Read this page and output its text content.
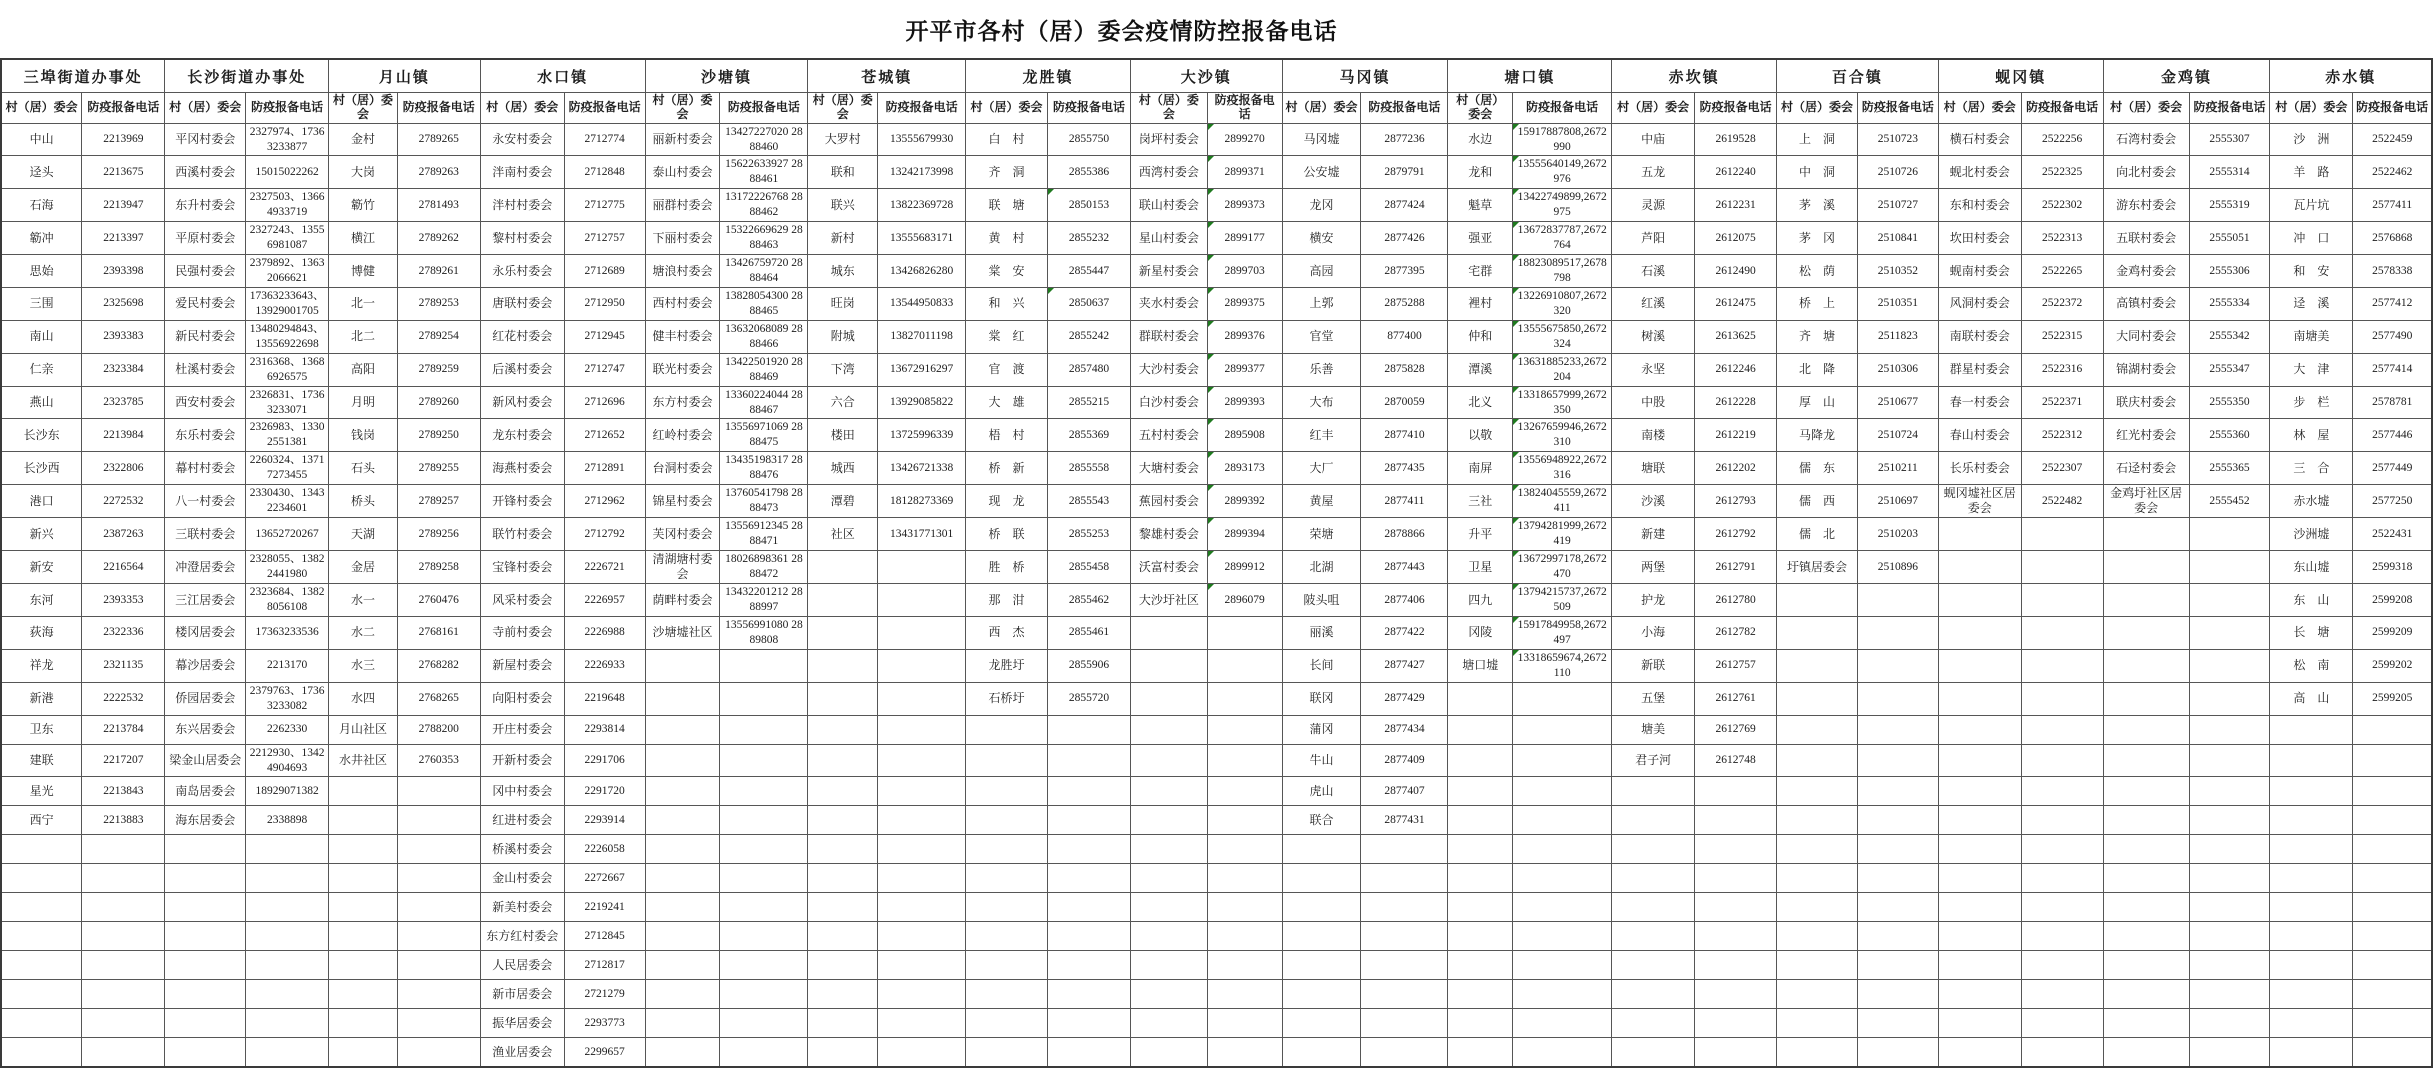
开平市各村（居）委会疫情防控报备电话
三埠街道办事处		长沙街道办事处		月山镇		水口镇		沙塘镇		苍城镇		龙胜镇		大沙镇		马冈镇		塘口镇		赤坎镇		百合镇		蚬冈镇		金鸡镇		赤水镇	
村（居）委会	防疫报备电话	村（居）委会	防疫报备电话	村（居）委会	防疫报备电话	村（居）委会	防疫报备电话	村（居）委会	防疫报备电话	村（居）委会	防疫报备电话	村（居）委会	防疫报备电话	村（居）委会	防疫报备电话	村（居）委会	防疫报备电话	村（居）委会	防疫报备电话	村（居）委会	防疫报备电话	村（居）委会	防疫报备电话	村（居）委会	防疫报备电话	村（居）委会	防疫报备电话	村（居）委会	防疫报备电话
中山	2213969	平冈村委会	2327974、17363233877	金村	2789265	永安村委会	2712774	丽新村委会	13427227020 2888460	大罗村	13555679930	白　村	2855750	岗坪村委会	2899270	马冈墟	2877236	水边	15917887808,2672990	中庙	2619528	上　洞	2510723	横石村委会	2522256	石湾村委会	2555307	沙　洲	2522459
迳头	2213675	西溪村委会	15015022262	大岗	2789263	泮南村委会	2712848	泰山村委会	15622633927 2888461	联和	13242173998	齐　洞	2855386	西湾村委会	2899371	公安墟	2879791	龙和	13555640149,2672976	五龙	2612240	中　洞	2510726	蚬北村委会	2522325	向北村委会	2555314	羊　路	2522462
石海	2213947	东升村委会	2327503、13664933719	簕竹	2781493	泮村村委会	2712775	丽群村委会	13172226768 2888462	联兴	13822369728	联　塘	2850153	联山村委会	2899373	龙冈	2877424	魁草	13422749899,2672975	灵源	2612231	茅　溪	2510727	东和村委会	2522302	游东村委会	2555319	瓦片坑	2577411
簕冲	2213397	平原村委会	2327243、13556981087	横江	2789262	黎村村委会	2712757	下丽村委会	15322669629 2888463	新村	13555683171	黄　村	2855232	星山村委会	2899177	横安	2877426	强亚	13672837787,2672764	芦阳	2612075	茅　冈	2510841	坎田村委会	2522313	五联村委会	2555051	冲　口	2576868
思始	2393398	民强村委会	2379892、13632066621	博健	2789261	永乐村委会	2712689	塘浪村委会	13426759720 2888464	城东	13426826280	棠　安	2855447	新星村委会	2899703	高园	2877395	宅群	18823089517,2678798	石溪	2612490	松　荫	2510352	蚬南村委会	2522265	金鸡村委会	2555306	和　安	2578338
三围	2325698	爱民村委会	17363233643、13929001705	北一	2789253	唐联村委会	2712950	西村村委会	13828054300 2888465	旺岗	13544950833	和　兴	2850637	夹水村委会	2899375	上郭	2875288	裡村	13226910807,2672320	红溪	2612475	桥　上	2510351	风洞村委会	2522372	高镇村委会	2555334	迳　溪	2577412
南山	2393383	新民村委会	13480294843、13556922698	北二	2789254	红花村委会	2712945	健丰村委会	13632068089 2888466	附城	13827011198	棠　红	2855242	群联村委会	2899376	官堂	877400	仲和	13555675850,2672324	树溪	2613625	齐　塘	2511823	南联村委会	2522315	大同村委会	2555342	南塘美	2577490
仁亲	2323384	杜溪村委会	2316368、13686926575	高阳	2789259	后溪村委会	2712747	联光村委会	13422501920 2888469	下湾	13672916297	官　渡	2857480	大沙村委会	2899377	乐善	2875828	潭溪	13631885233,2672204	永坚	2612246	北　降	2510306	群星村委会	2522316	锦湖村委会	2555347	大　津	2577414
燕山	2323785	西安村委会	2326831、17363233071	月明	2789260	新风村委会	2712696	东方村委会	13360224044 2888467	六合	13929085822	大　雄	2855215	白沙村委会	2899393	大布	2870059	北义	13318657999,2672350	中股	2612228	厚　山	2510677	春一村委会	2522371	联庆村委会	2555350	步　栏	2578781
长沙东	2213984	东乐村委会	2326983、13302551381	钱岗	2789250	龙东村委会	2712652	红岭村委会	13556971069 2888475	楼田	13725996339	梧　村	2855369	五村村委会	2895908	红丰	2877410	以敬	13267659946,2672310	南楼	2612219	马降龙	2510724	春山村委会	2522312	红光村委会	2555360	林　屋	2577446
长沙西	2322806	幕村村委会	2260324、13717273455	石头	2789255	海燕村委会	2712891	台洞村委会	13435198317 2888476	城西	13426721338	桥　新	2855558	大塘村委会	2893173	大厂	2877435	南屏	13556948922,2672316	塘联	2612202	儒　东	2510211	长乐村委会	2522307	石迳村委会	2555365	三　合	2577449
港口	2272532	八一村委会	2330430、13432234601	桥头	2789257	开锋村委会	2712962	锦星村委会	13760541798 2888473	潭碧	18128273369	现　龙	2855543	蕉园村委会	2899392	黄屋	2877411	三社	13824045559,2672411	沙溪	2612793	儒　西	2510697	蚬冈墟社区居委会	2522482	金鸡圩社区居委会	2555452	赤水墟	2577250
新兴	2387263	三联村委会	13652720267	天湖	2789256	联竹村委会	2712792	芙冈村委会	13556912345 2888471	社区	13431771301	桥　联	2855253	黎雄村委会	2899394	荣塘	2878866	升平	13794281999,2672419	新建	2612792	儒　北	2510203					沙洲墟	2522431
新安	2216564	冲澄居委会	2328055、13822441980	金居	2789258	宝锋村委会	2226721	清湖塘村委会	18026898361 2888472			胜　桥	2855458	沃富村委会	2899912	北湖	2877443	卫星	13672997178,2672470	两堡	2612791	圩镇居委会	2510896					东山墟	2599318
东河	2393353	三江居委会	2323684、13828056108	水一	2760476	风采村委会	2226957	荫畔村委会	13432201212 2888997			那　泔	2855462	大沙圩社区	2896079	陂头咀	2877406	四九	13794215737,2672509	护龙	2612780							东　山	2599208
荻海	2322336	楼冈居委会	17363233536	水二	2768161	寺前村委会	2226988	沙塘墟社区	13556991080 2889808			西　杰	2855461			丽溪	2877422	冈陵	15917849958,2672497	小海	2612782							长　塘	2599209
祥龙	2321135	幕沙居委会	2213170	水三	2768282	新屋村委会	2226933					龙胜圩	2855906			长间	2877427	塘口墟	13318659674,2672110	新联	2612757							松　南	2599202
新港	2222532	侨园居委会	2379763、17363233082	水四	2768265	向阳村委会	2219648					石桥圩	2855720			联冈	2877429			五堡	2612761							高　山	2599205
卫东	2213784	东兴居委会	2262330	月山社区	2788200	开庄村委会	2293814									蒲冈	2877434			塘美	2612769								
建联	2217207	梁金山居委会	2212930、13424904693	水井社区	2760353	开新村委会	2291706									牛山	2877409			君子河	2612748								
星光	2213843	南岛居委会	18929071382			冈中村委会	2291720									虎山	2877407												
西宁	2213883	海东居委会	2338898			红进村委会	2293914									联合	2877431												
						桥溪村委会	2226058																						
						金山村委会	2272667																						
						新美村委会	2219241																						
						东方红村委会	2712845																						
						人民居委会	2712817																						
						新市居委会	2721279																						
						振华居委会	2293773																						
						渔业居委会	2299657																						
